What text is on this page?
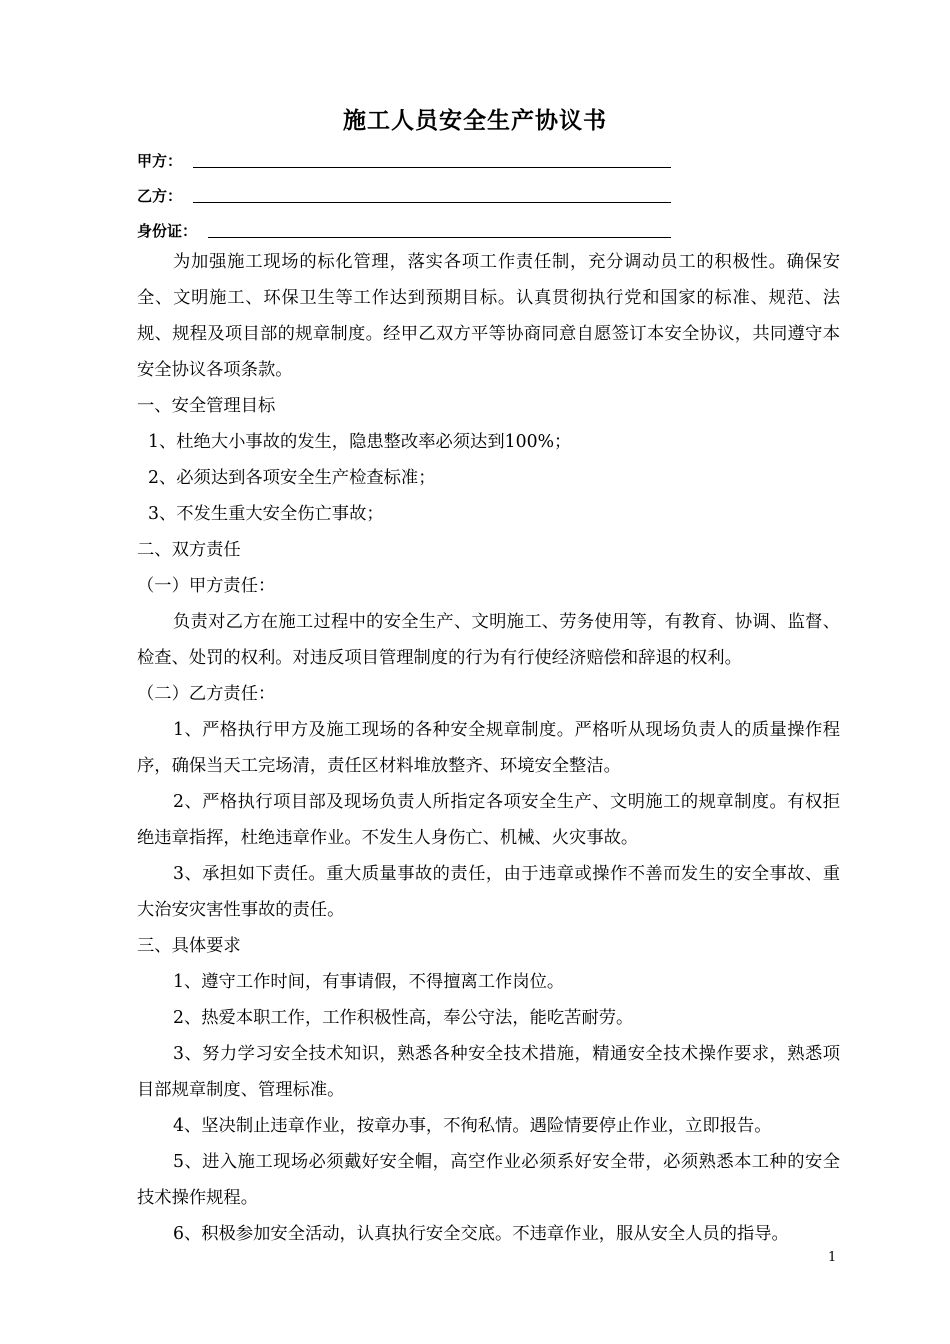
施工人员安全生产协议书
甲方：
乙方：
身份证：

为加强施工现场的标化管理，落实各项工作责任制，充分调动员工的积极性。确保安全、文明施工、环保卫生等工作达到预期目标。认真贯彻执行党和国家的标准、规范、法规、规程及项目部的规章制度。经甲乙双方平等协商同意自愿签订本安全协议，共同遵守本安全协议各项条款。

一、安全管理目标

1、杜绝大小事故的发生，隐患整改率必须达到100%；

2、必须达到各项安全生产检查标准；

3、不发生重大安全伤亡事故；

二、双方责任

（一）甲方责任：

负责对乙方在施工过程中的安全生产、文明施工、劳务使用等，有教育、协调、监督、检查、处罚的权利。对违反项目管理制度的行为有行使经济赔偿和辞退的权利。

（二）乙方责任：

1、严格执行甲方及施工现场的各种安全规章制度。严格听从现场负责人的质量操作程序，确保当天工完场清，责任区材料堆放整齐、环境安全整洁。

2、严格执行项目部及现场负责人所指定各项安全生产、文明施工的规章制度。有权拒绝违章指挥，杜绝违章作业。不发生人身伤亡、机械、火灾事故。

3、承担如下责任。重大质量事故的责任，由于违章或操作不善而发生的安全事故、重大治安灾害性事故的责任。

三、具体要求

1、遵守工作时间，有事请假，不得擅离工作岗位。

2、热爱本职工作，工作积极性高，奉公守法，能吃苦耐劳。

3、努力学习安全技术知识，熟悉各种安全技术措施，精通安全技术操作要求，熟悉项目部规章制度、管理标准。

4、坚决制止违章作业，按章办事，不徇私情。遇险情要停止作业，立即报告。

5、进入施工现场必须戴好安全帽，高空作业必须系好安全带，必须熟悉本工种的安全技术操作规程。

6、积极参加安全活动，认真执行安全交底。不违章作业，服从安全人员的指导。

1
